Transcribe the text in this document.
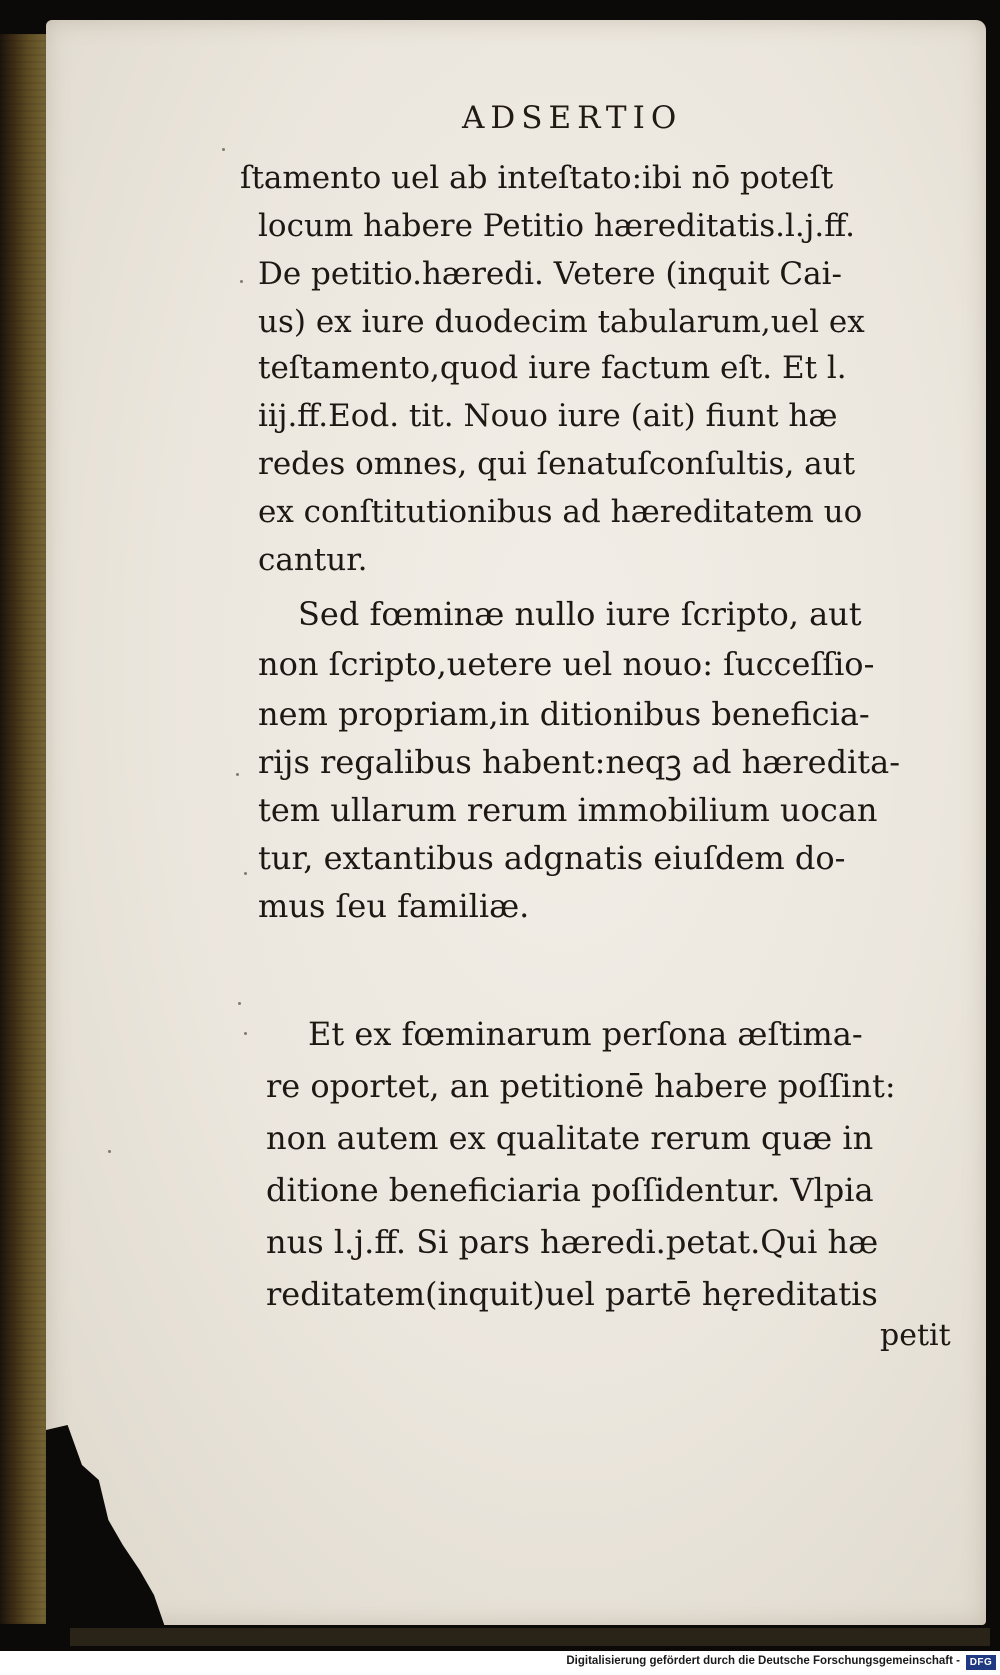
ADSERTIO
ſtamento uel ab inteſtato:ibi nō poteſt
locum habere Petitio hæreditatis.l.j.ff.
De petitio.hæredi. Vetere (inquit Cai‑
us) ex iure duodecim tabularum,uel ex
teſtamento,quod iure factum eſt. Et l.
iij.ff.Eod. tit. Nouo iure (ait) fiunt hæ
redes omnes, qui ſenatuſconſultis, aut
ex conſtitutionibus ad hæreditatem uo
cantur.
Sed fœminæ nullo iure ſcripto, aut
non ſcripto,uetere uel nouo: ſucceſſio‑
nem propriam,in ditionibus beneficia‑
rijs regalibus habent:neqꝫ ad hæredita‑
tem ullarum rerum immobilium uocan
tur, extantibus adgnatis eiuſdem do‑
mus ſeu familiæ.
Et ex fœminarum perſona æſtima‑
re oportet, an petitionē habere poſſint:
non autem ex qualitate rerum quæ in
ditione beneficiaria poſſidentur. Vlpia
nus l.j.ff. Si pars hæredi.petat.Qui hæ
reditatem(inquit)uel partē hęreditatis
petit
Digitalisierung gefördert durch die Deutsche Forschungsgemeinschaft - DFG
